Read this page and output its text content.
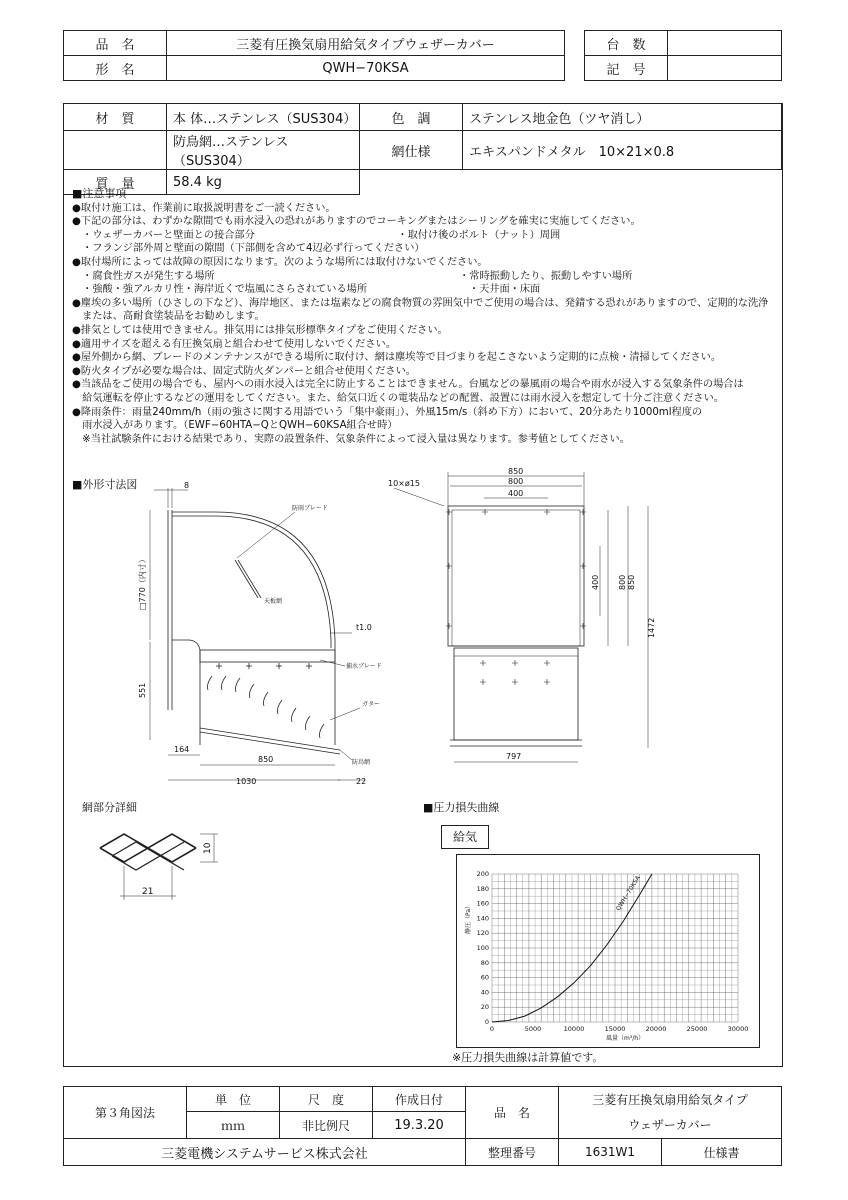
品　名	三菱有圧換気扇用給気タイプウェザーカバー
形　名	QWH−70KSA
台　数	
記　号	
材　質	本 体…ステンレス（SUS304）	色　調	ステンレス地金色（ツヤ消し）
	防鳥網…ステンレス（SUS304）	網仕様	エキスパンドメタル　10×21×0.8
質　量	58.4 kg		
■注意事項
●取付け施工は、作業前に取扱説明書をご一読ください。
●下記の部分は、わずかな隙間でも雨水浸入の恐れがありますのでコーキングまたはシーリングを確実に実施してください。
　・ウェザーカバーと壁面との接合部分　　　　　　　　　　　　　　・取付け後のボルト（ナット）周囲
　・フランジ部外周と壁面の隙間（下部側を含めて4辺必ず行ってください）
●取付場所によっては故障の原因になります。次のような場所には取付けないでください。
　・腐食性ガスが発生する場所　　　　　　　　　　　　　　　　　　　　　　　　・常時振動したり、振動しやすい場所
　・強酸・強アルカリ性・海岸近くで塩風にさらされている場所　　　　　　　　　　・天井面・床面
●塵埃の多い場所（ひさしの下など）、海岸地区、または塩素などの腐食物質の雰囲気中でご使用の場合は、発錆する恐れがありますので、定期的な洗浄
　または、高耐食塗装品をお勧めします。
●排気としては使用できません。排気用には排気形標準タイプをご使用ください。
●適用サイズを超える有圧換気扇と組合わせて使用しないでください。
●屋外側から網、ブレードのメンテナンスができる場所に取付け、網は塵埃等で目づまりを起こさないよう定期的に点検・清掃してください。
●防火タイプが必要な場合は、固定式防火ダンパーと組合せ使用ください。
●当該品をご使用の場合でも、屋内への雨水浸入は完全に防止することはできません。台風などの暴風雨の場合や雨水が浸入する気象条件の場合は
　給気運転を停止するなどの運用をしてください。また、給気口近くの電装品などの配置、設置には雨水浸入を想定して十分ご注意ください。
●降雨条件：雨量240mm/h（雨の強さに関する用語でいう「集中豪雨」）、外風15m/s（斜め下方）において、20分あたり1000ml程度の
　雨水浸入があります。（EWF−60HTA−QとQWH−60KSA組合せ時）
　※当社試験条件における結果であり、実際の設置条件、気象条件によって浸入量は異なります。参考値としてください。
■外形寸法図	8
□770（内寸）
551
t1.0
164
850
1030	22
防雨ブレード
天板網
捕水ブレード
ガター
防鳥網
850
800
400
10×ø15
400 800 850
1472
797
網部分詳細
10
21
■圧力損失曲線
給気
0	5000	10000	15000	20000	25000	30000
0
20
40
60
80
100
120
140
160
180
200
静圧（Pa）
風量（m³/h）
QWH−70KSA
※圧力損失曲線は計算値です。
第３角図法	単　位	尺　度	作成日付	品　名	三菱有圧換気扇用給気タイプ	
	ｍｍ	非比例尺	19.3.20		ウェザーカバー	
三菱電機システムサービス株式会社				整理番号	1631W1	仕様書
